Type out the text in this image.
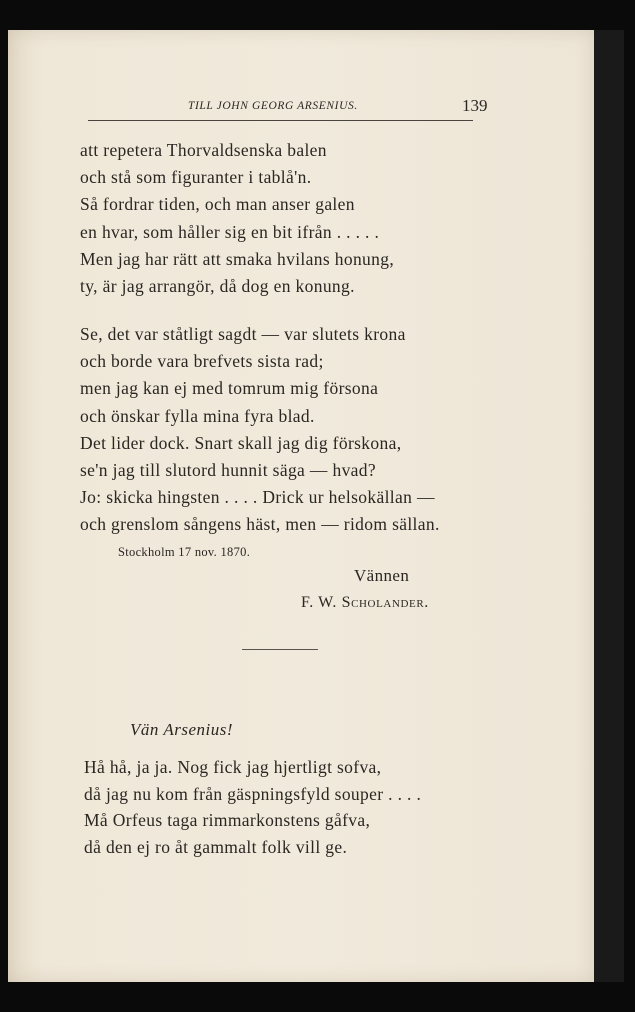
TILL JOHN GEORG ARSENIUS.	139
att repetera Thorvaldsenska balen
och stå som figuranter i tablå'n.
Så fordrar tiden, och man anser galen
en hvar, som håller sig en bit ifrån . . . . .
Men jag har rätt att smaka hvilans honung,
ty, är jag arrangör, då dog en konung.
Se, det var ståtligt sagdt — var slutets krona
och borde vara brefvets sista rad;
men jag kan ej med tomrum mig försona
och önskar fylla mina fyra blad.
Det lider dock. Snart skall jag dig förskona,
se'n jag till slutord hunnit säga — hvad?
Jo: skicka hingsten . . . . Drick ur helsokällan —
och grenslom sångens häst, men — ridom sällan.
Stockholm 17 nov. 1870.
Vännen
F. W. Scholander.
Vän Arsenius!
Hå hå, ja ja. Nog fick jag hjertligt sofva,
då jag nu kom från gäspningsfyld souper . . . .
Må Orfeus taga rimmarkonstens gåfva,
då den ej ro åt gammalt folk vill ge.
